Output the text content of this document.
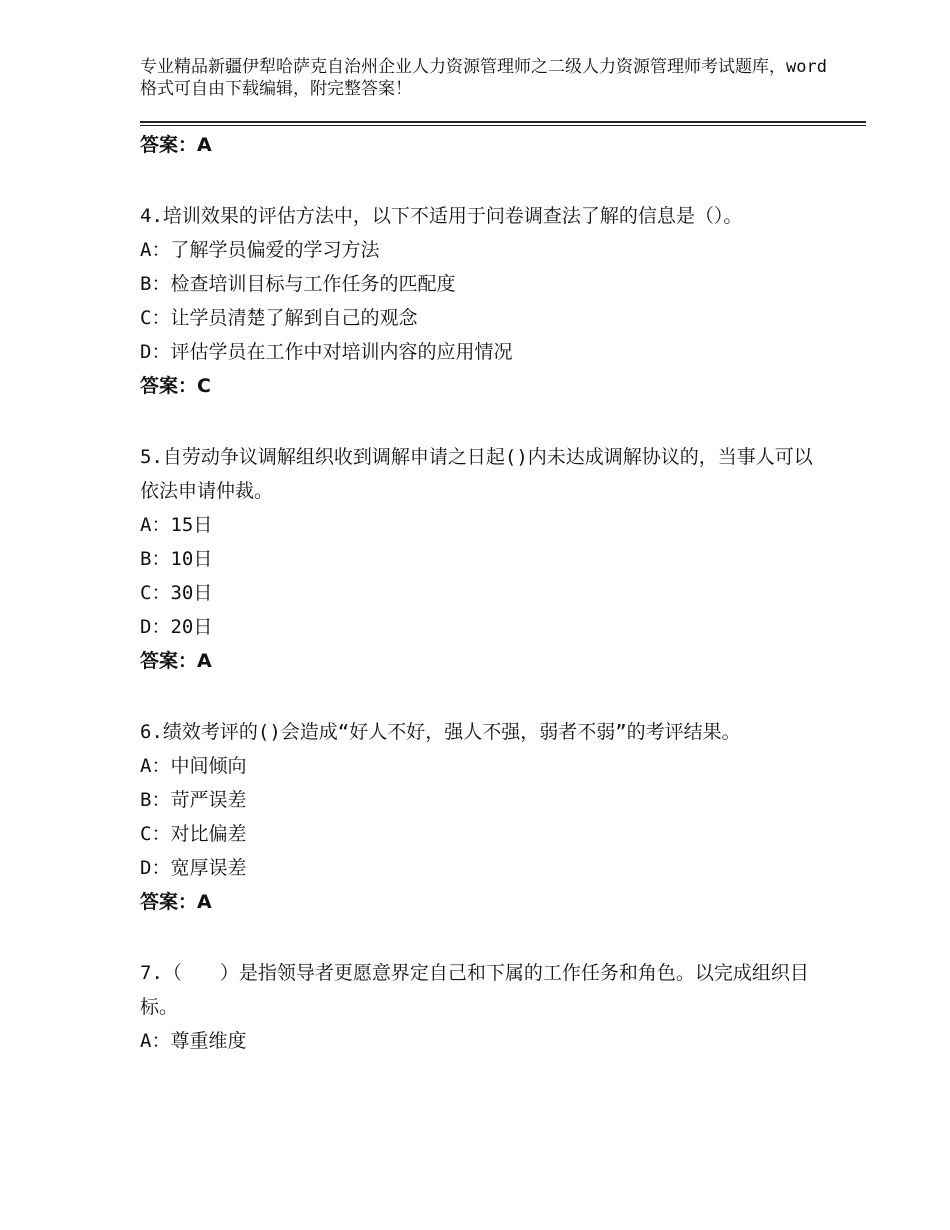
专业精品新疆伊犁哈萨克自治州企业人力资源管理师之二级人力资源管理师考试题库，word格式可自由下载编辑，附完整答案！
答案：A
4.培训效果的评估方法中，以下不适用于问卷调查法了解的信息是（）。
A：了解学员偏爱的学习方法
B：检查培训目标与工作任务的匹配度
C：让学员清楚了解到自己的观念
D：评估学员在工作中对培训内容的应用情况
答案：C
5.自劳动争议调解组织收到调解申请之日起()内未达成调解协议的，当事人可以依法申请仲裁。
A：15日
B：10日
C：30日
D：20日
答案：A
6.绩效考评的()会造成“好人不好，强人不强，弱者不弱”的考评结果。
A：中间倾向
B：苛严误差
C：对比偏差
D：宽厚误差
答案：A
7.（　　）是指领导者更愿意界定自己和下属的工作任务和角色。以完成组织目标。
A：尊重维度
